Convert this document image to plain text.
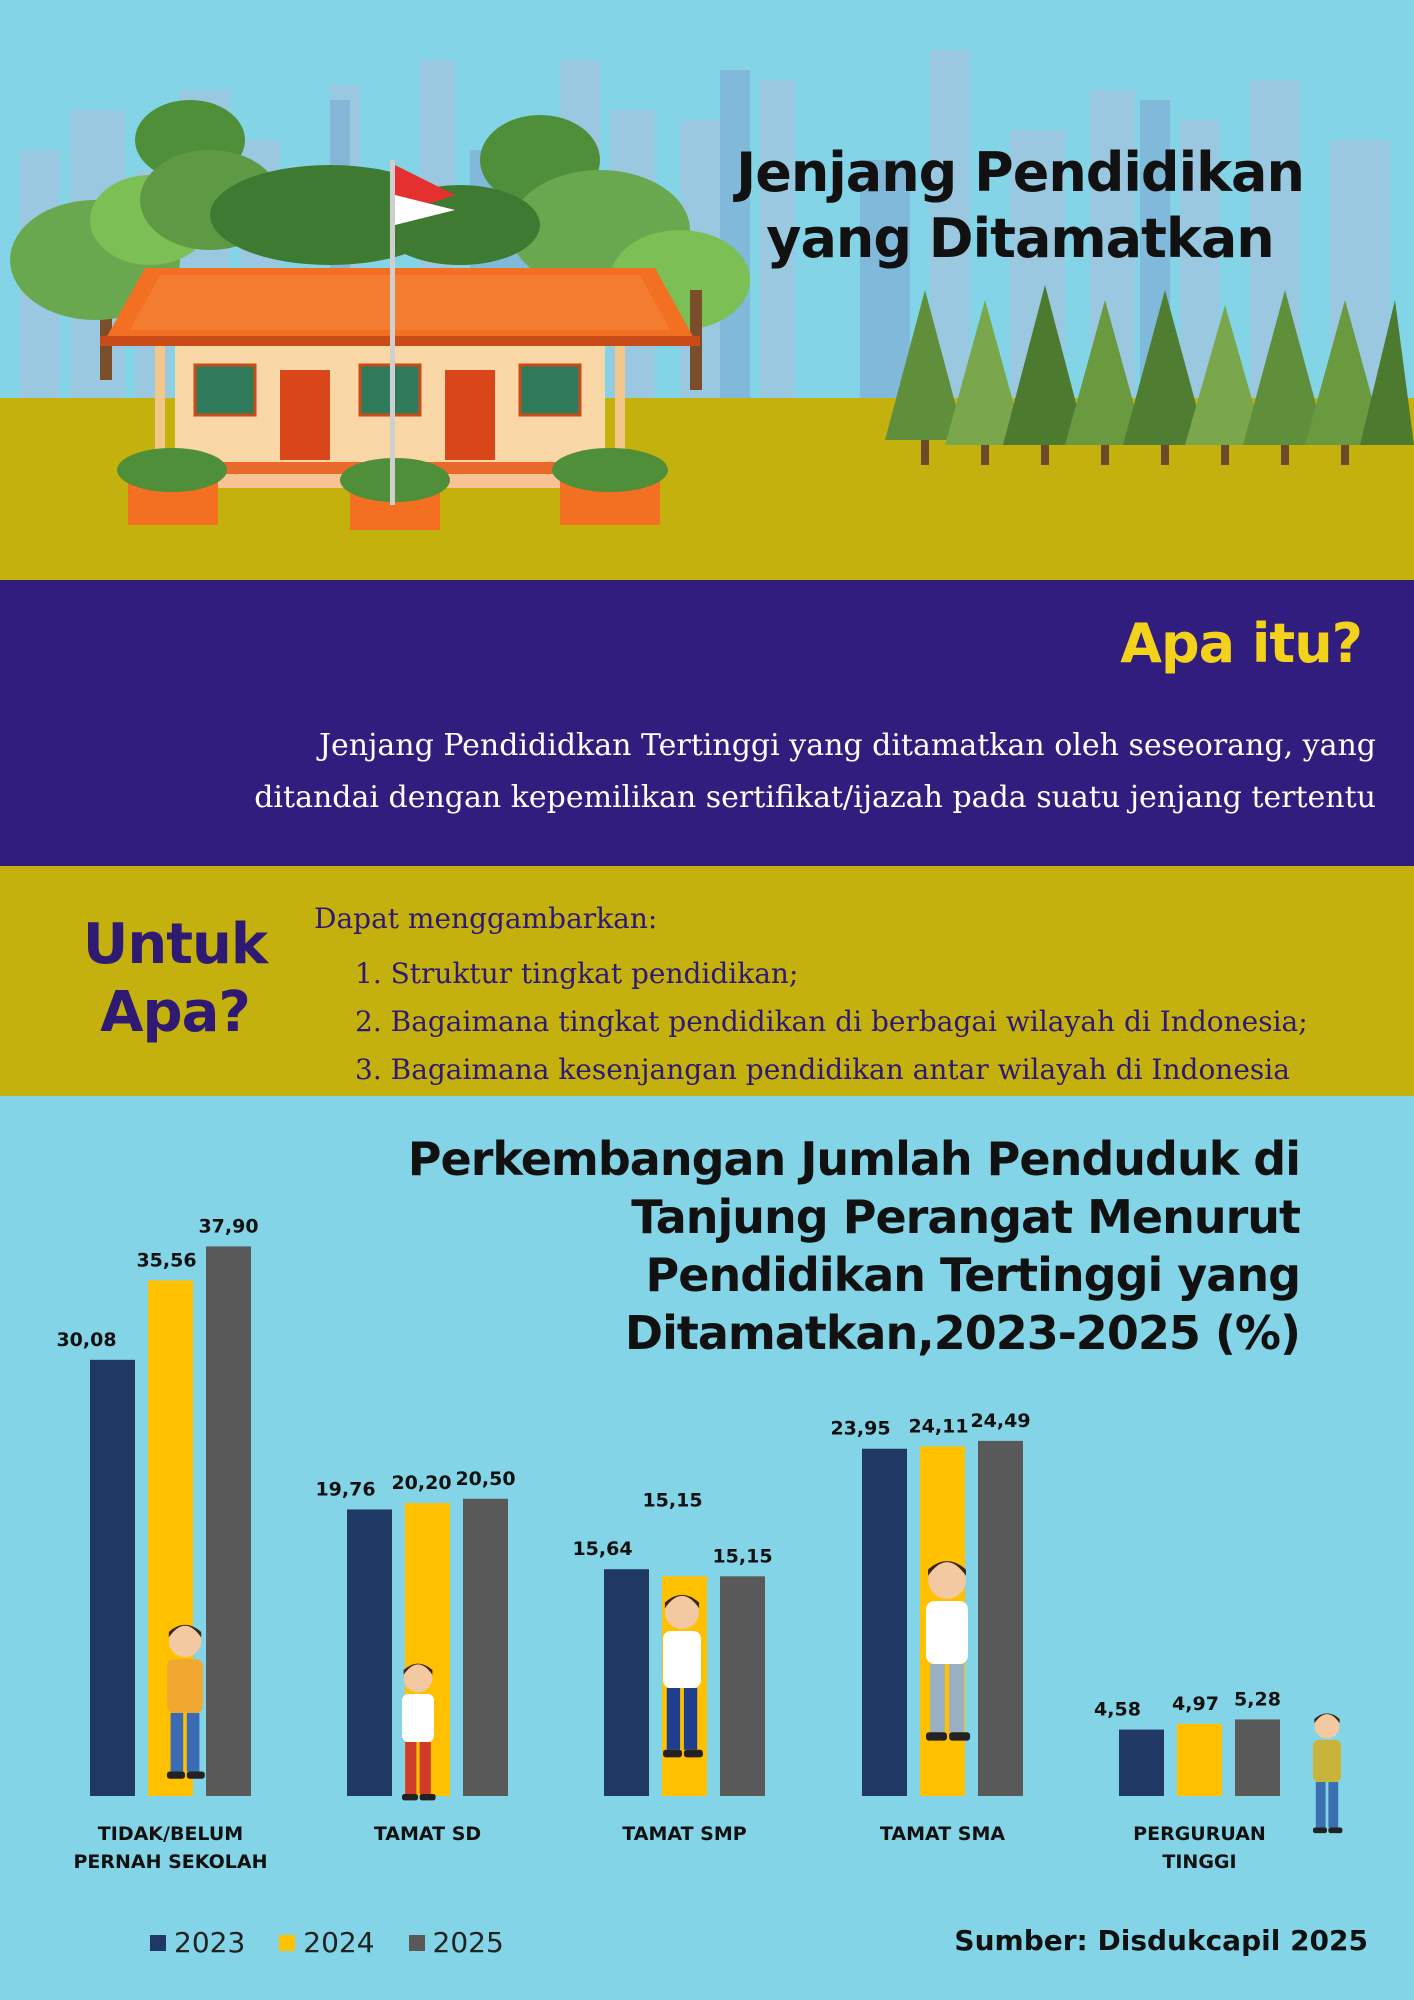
Jenjang Pendidikan
yang Ditamatkan
Apa itu?
Jenjang Pendididkan Tertinggi yang ditamatkan oleh seseorang, yang
ditandai dengan kepemilikan sertifikat/ijazah pada suatu jenjang tertentu
Untuk
Apa?
Dapat menggambarkan:
1. Struktur tingkat pendidikan;
2. Bagaimana tingkat pendidikan di berbagai wilayah di Indonesia;
3. Bagaimana kesenjangan pendidikan antar wilayah di Indonesia
30,08
35,56
37,90
TIDAK/BELUM
PERNAH SEKOLAH
19,76 20,20 20,50
TAMAT SD
15,64
15,15
15,15
TAMAT SMP
23,95 24,11 24,49
TAMAT SMA
4,58 4,97 5,28
PERGURUAN
TINGGI
Perkembangan Jumlah Penduduk di
Tanjung Perangat Menurut
Pendidikan Tertinggi yang
Ditamatkan,2023-2025 (%)
2023 2024 2025	Sumber: Disdukcapil 2025
